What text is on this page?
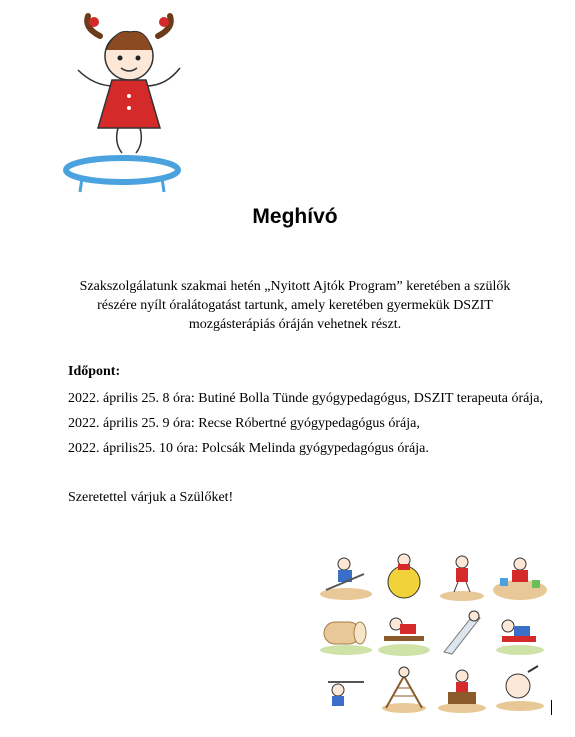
Meghívó
Szakszolgálatunk szakmai hetén „Nyitott Ajtók Program” keretében a szülők részére nyílt óralátogatást tartunk, amely keretében gyermekük DSZIT mozgásterápiás óráján vehetnek részt.
Időpont:
2022. április 25. 8 óra: Butiné Bolla Tünde gyógypedagógus, DSZIT terapeuta órája,
2022. április 25. 9 óra: Recse Róbertné gyógypedagógus órája,
2022. április25. 10 óra: Polcsák Melinda gyógypedagógus órája.
Szeretettel várjuk a Szülőket!
